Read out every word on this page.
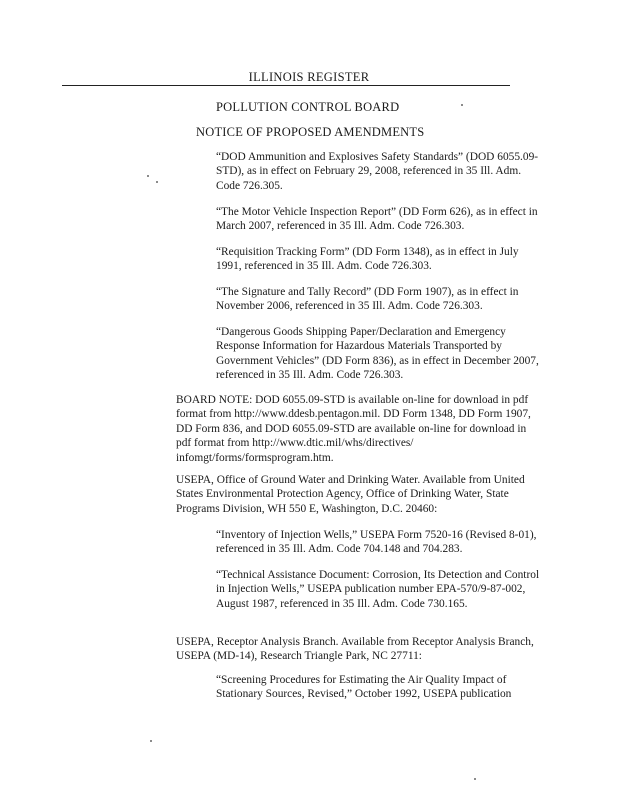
ILLINOIS REGISTER
POLLUTION CONTROL BOARD
NOTICE OF PROPOSED AMENDMENTS

“DOD Ammunition and Explosives Safety Standards” (DOD 6055.09-STD), as in effect on February 29, 2008, referenced in 35 Ill. Adm. Code 726.305.

“The Motor Vehicle Inspection Report” (DD Form 626), as in effect in March 2007, referenced in 35 Ill. Adm. Code 726.303.

“Requisition Tracking Form” (DD Form 1348), as in effect in July 1991, referenced in 35 Ill. Adm. Code 726.303.

“The Signature and Tally Record” (DD Form 1907), as in effect in November 2006, referenced in 35 Ill. Adm. Code 726.303.

“Dangerous Goods Shipping Paper/Declaration and Emergency Response Information for Hazardous Materials Transported by Government Vehicles” (DD Form 836), as in effect in December 2007, referenced in 35 Ill. Adm. Code 726.303.

BOARD NOTE: DOD 6055.09-STD is available on-line for download in pdf format from http://www.ddesb.pentagon.mil. DD Form 1348, DD Form 1907, DD Form 836, and DOD 6055.09-STD are available on-line for download in pdf format from http://www.dtic.mil/whs/directives/ infomgt/forms/formsprogram.htm.

USEPA, Office of Ground Water and Drinking Water. Available from United States Environmental Protection Agency, Office of Drinking Water, State Programs Division, WH 550 E, Washington, D.C. 20460:

“Inventory of Injection Wells,” USEPA Form 7520-16 (Revised 8-01), referenced in 35 Ill. Adm. Code 704.148 and 704.283.

“Technical Assistance Document: Corrosion, Its Detection and Control in Injection Wells,” USEPA publication number EPA-570/9-87-002, August 1987, referenced in 35 Ill. Adm. Code 730.165.

USEPA, Receptor Analysis Branch. Available from Receptor Analysis Branch, USEPA (MD-14), Research Triangle Park, NC 27711:

“Screening Procedures for Estimating the Air Quality Impact of Stationary Sources, Revised,” October 1992, USEPA publication
